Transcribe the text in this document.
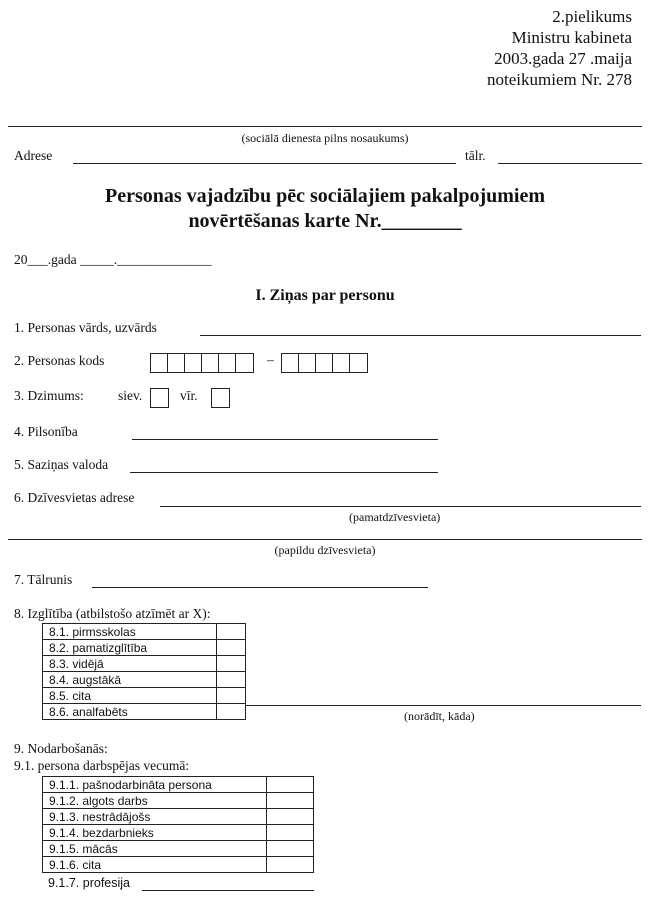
2.pielikums
Ministru kabineta
2003.gada 27 .maija
noteikumiem Nr. 278
(sociālā dienesta pilns nosaukums)
Adrese	tālr.
Personas vajadzību pēc sociālajiem pakalpojumiem
novērtēšanas karte Nr.________
20___.gada _____.______________
I. Ziņas par personu
1. Personas vārds, uzvārds
2. Personas kods	–
3. Dzimums:	siev.	vīr.
4. Pilsonība
5. Saziņas valoda
6. Dzīvesvietas adrese
(pamatdzīvesvieta)
(papildu dzīvesvieta)
7. Tālrunis
8. Izglītība (atbilstošo atzīmēt ar X):
8.1. pirmsskolas	
8.2. pamatizglītība	
8.3. vidējā	
8.4. augstākā	
8.5. cita	
8.6. analfabēts		(norādīt, kāda)
9. Nodarbošanās:
9.1. persona darbspējas vecumā:
9.1.1. pašnodarbināta persona	
9.1.2. algots darbs	
9.1.3. nestrādājošs	
9.1.4. bezdarbnieks	
9.1.5. mācās	
9.1.6. cita	
9.1.7. profesija
